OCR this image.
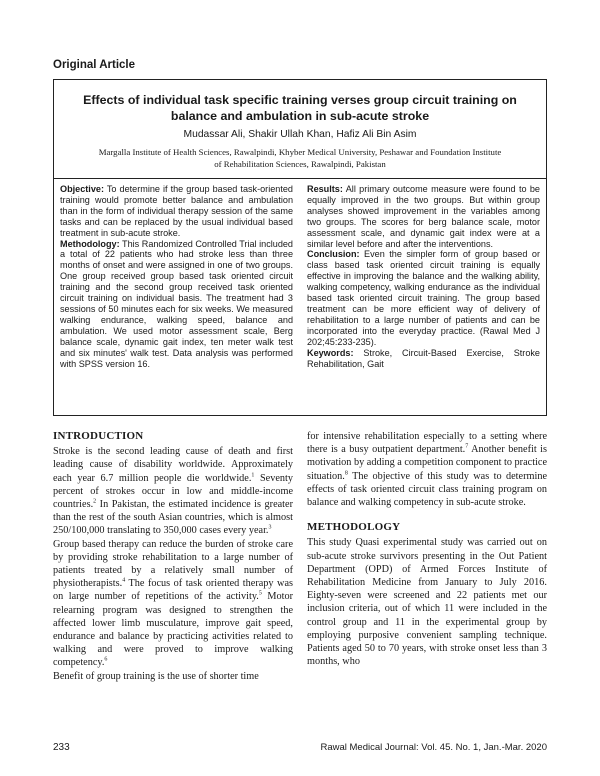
Original Article
Effects of individual task specific training verses group circuit training on balance and ambulation in sub-acute stroke
Mudassar Ali, Shakir Ullah Khan, Hafiz Ali Bin Asim
Margalla Institute of Health Sciences, Rawalpindi, Khyber Medical University, Peshawar and Foundation Institute of Rehabilitation Sciences, Rawalpindi, Pakistan

Objective: To determine if the group based task-oriented training would promote better balance and ambulation than in the form of individual therapy session of the same tasks and can be replaced by the usual individual based treatment in sub-acute stroke.

Methodology: This Randomized Controlled Trial included a total of 22 patients who had stroke less than three months of onset and were assigned in one of two groups. One group received group based task oriented circuit training and the second group received task oriented circuit training on individual basis. The treatment had 3 sessions of 50 minutes each for six weeks. We measured walking endurance, walking speed, balance and ambulation. We used motor assessment scale, Berg balance scale, dynamic gait index, ten meter walk test and six minutes' walk test. Data analysis was performed with SPSS version 16.

Results: All primary outcome measure were found to be equally improved in the two groups. But within group analyses showed improvement in the variables among two groups. The scores for berg balance scale, motor assessment scale, and dynamic gait index were at a similar level before and after the interventions.

Conclusion: Even the simpler form of group based or class based task oriented circuit training is equally effective in improving the balance and the walking ability, walking competency, walking endurance as the individual based task oriented circuit training. The group based treatment can be more efficient way of delivery of rehabilitation to a large number of patients and can be incorporated into the everyday practice. (Rawal Med J 202;45:233-235).

Keywords: Stroke, Circuit-Based Exercise, Stroke Rehabilitation, Gait

INTRODUCTION

Stroke is the second leading cause of death and first leading cause of disability worldwide. Approximately each year 6.7 million people die worldwide.$^1$ Seventy percent of strokes occur in low and middle-income countries.$^2$ In Pakistan, the estimated incidence is greater than the rest of the south Asian countries, which is almost 250/100,000 translating to 350,000 cases every year.$^3$

Group based therapy can reduce the burden of stroke care by providing stroke rehabilitation to a large number of patients treated by a relatively small number of physiotherapists.$^4$ The focus of task oriented therapy was on large number of repetitions of the activity.$^5$ Motor relearning program was designed to strengthen the affected lower limb musculature, improve gait speed, endurance and balance by practicing activities related to walking and were proved to improve walking competency.$^6$

Benefit of group training is the use of shorter time

for intensive rehabilitation especially to a setting where there is a busy outpatient department.$^7$ Another benefit is motivation by adding a competition component to practice situation.$^8$ The objective of this study was to determine effects of task oriented circuit class training program on balance and walking competency in sub-acute stroke.

METHODOLOGY

This study Quasi experimental study was carried out on sub-acute stroke survivors presenting in the Out Patient Department (OPD) of Armed Forces Institute of Rehabilitation Medicine from January to July 2016. Eighty-seven were screened and 22 patients met our inclusion criteria, out of which 11 were included in the control group and 11 in the experimental group by employing purposive convenient sampling technique. Patients aged 50 to 70 years, with stroke onset less than 3 months, who

233	Rawal Medical Journal: Vol. 45. No. 1, Jan.-Mar. 2020
